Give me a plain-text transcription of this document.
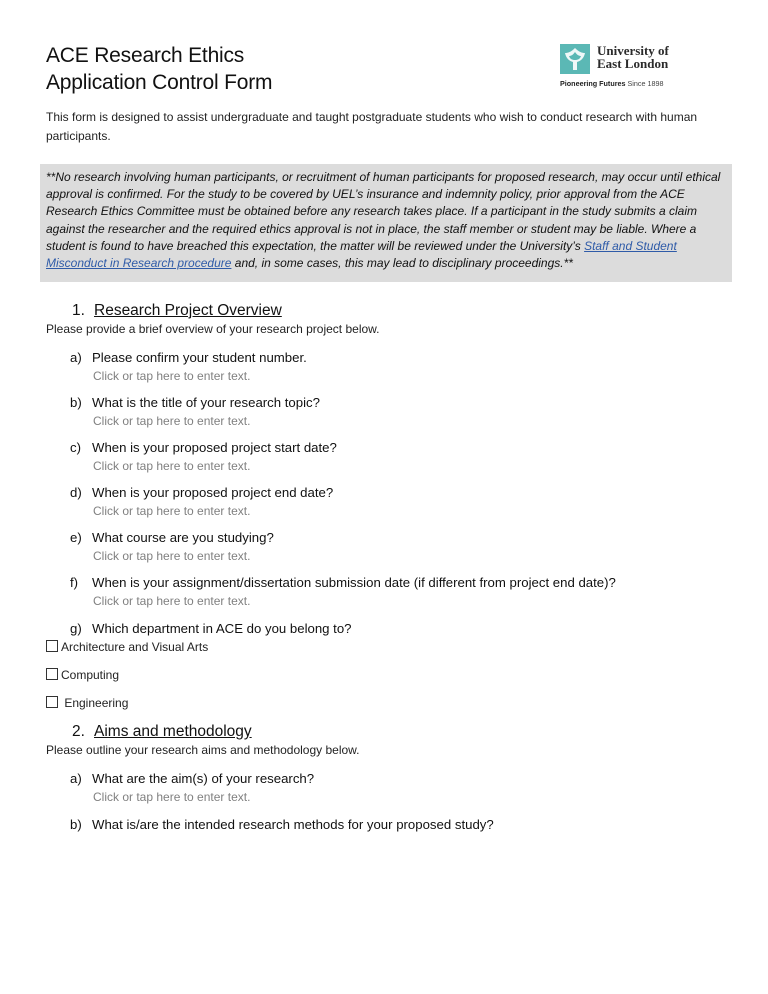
ACE Research Ethics
Application Control Form
University of
East London
Pioneering Futures Since 1898
This form is designed to assist undergraduate and taught postgraduate students who wish to conduct research with human participants.
**No research involving human participants, or recruitment of human participants for proposed research, may occur until ethical approval is confirmed. For the study to be covered by UEL’s insurance and indemnity policy, prior approval from the ACE Research Ethics Committee must be obtained before any research takes place. If a participant in the study submits a claim against the researcher and the required ethics approval is not in place, the staff member or student may be liable. Where a student is found to have breached this expectation, the matter will be reviewed under the University’s Staff and Student Misconduct in Research procedure and, in some cases, this may lead to disciplinary proceedings.**
1. Research Project Overview
Please provide a brief overview of your research project below.
a) Please confirm your student number.
Click or tap here to enter text.
b) What is the title of your research topic?
Click or tap here to enter text.
c) When is your proposed project start date?
Click or tap here to enter text.
d) When is your proposed project end date?
Click or tap here to enter text.
e) What course are you studying?
Click or tap here to enter text.
f) When is your assignment/dissertation submission date (if different from project end date)?
Click or tap here to enter text.
g) Which department in ACE do you belong to?
Architecture and Visual Arts
Computing
Engineering
2. Aims and methodology
Please outline your research aims and methodology below.
a) What are the aim(s) of your research?
Click or tap here to enter text.
b) What is/are the intended research methods for your proposed study?
